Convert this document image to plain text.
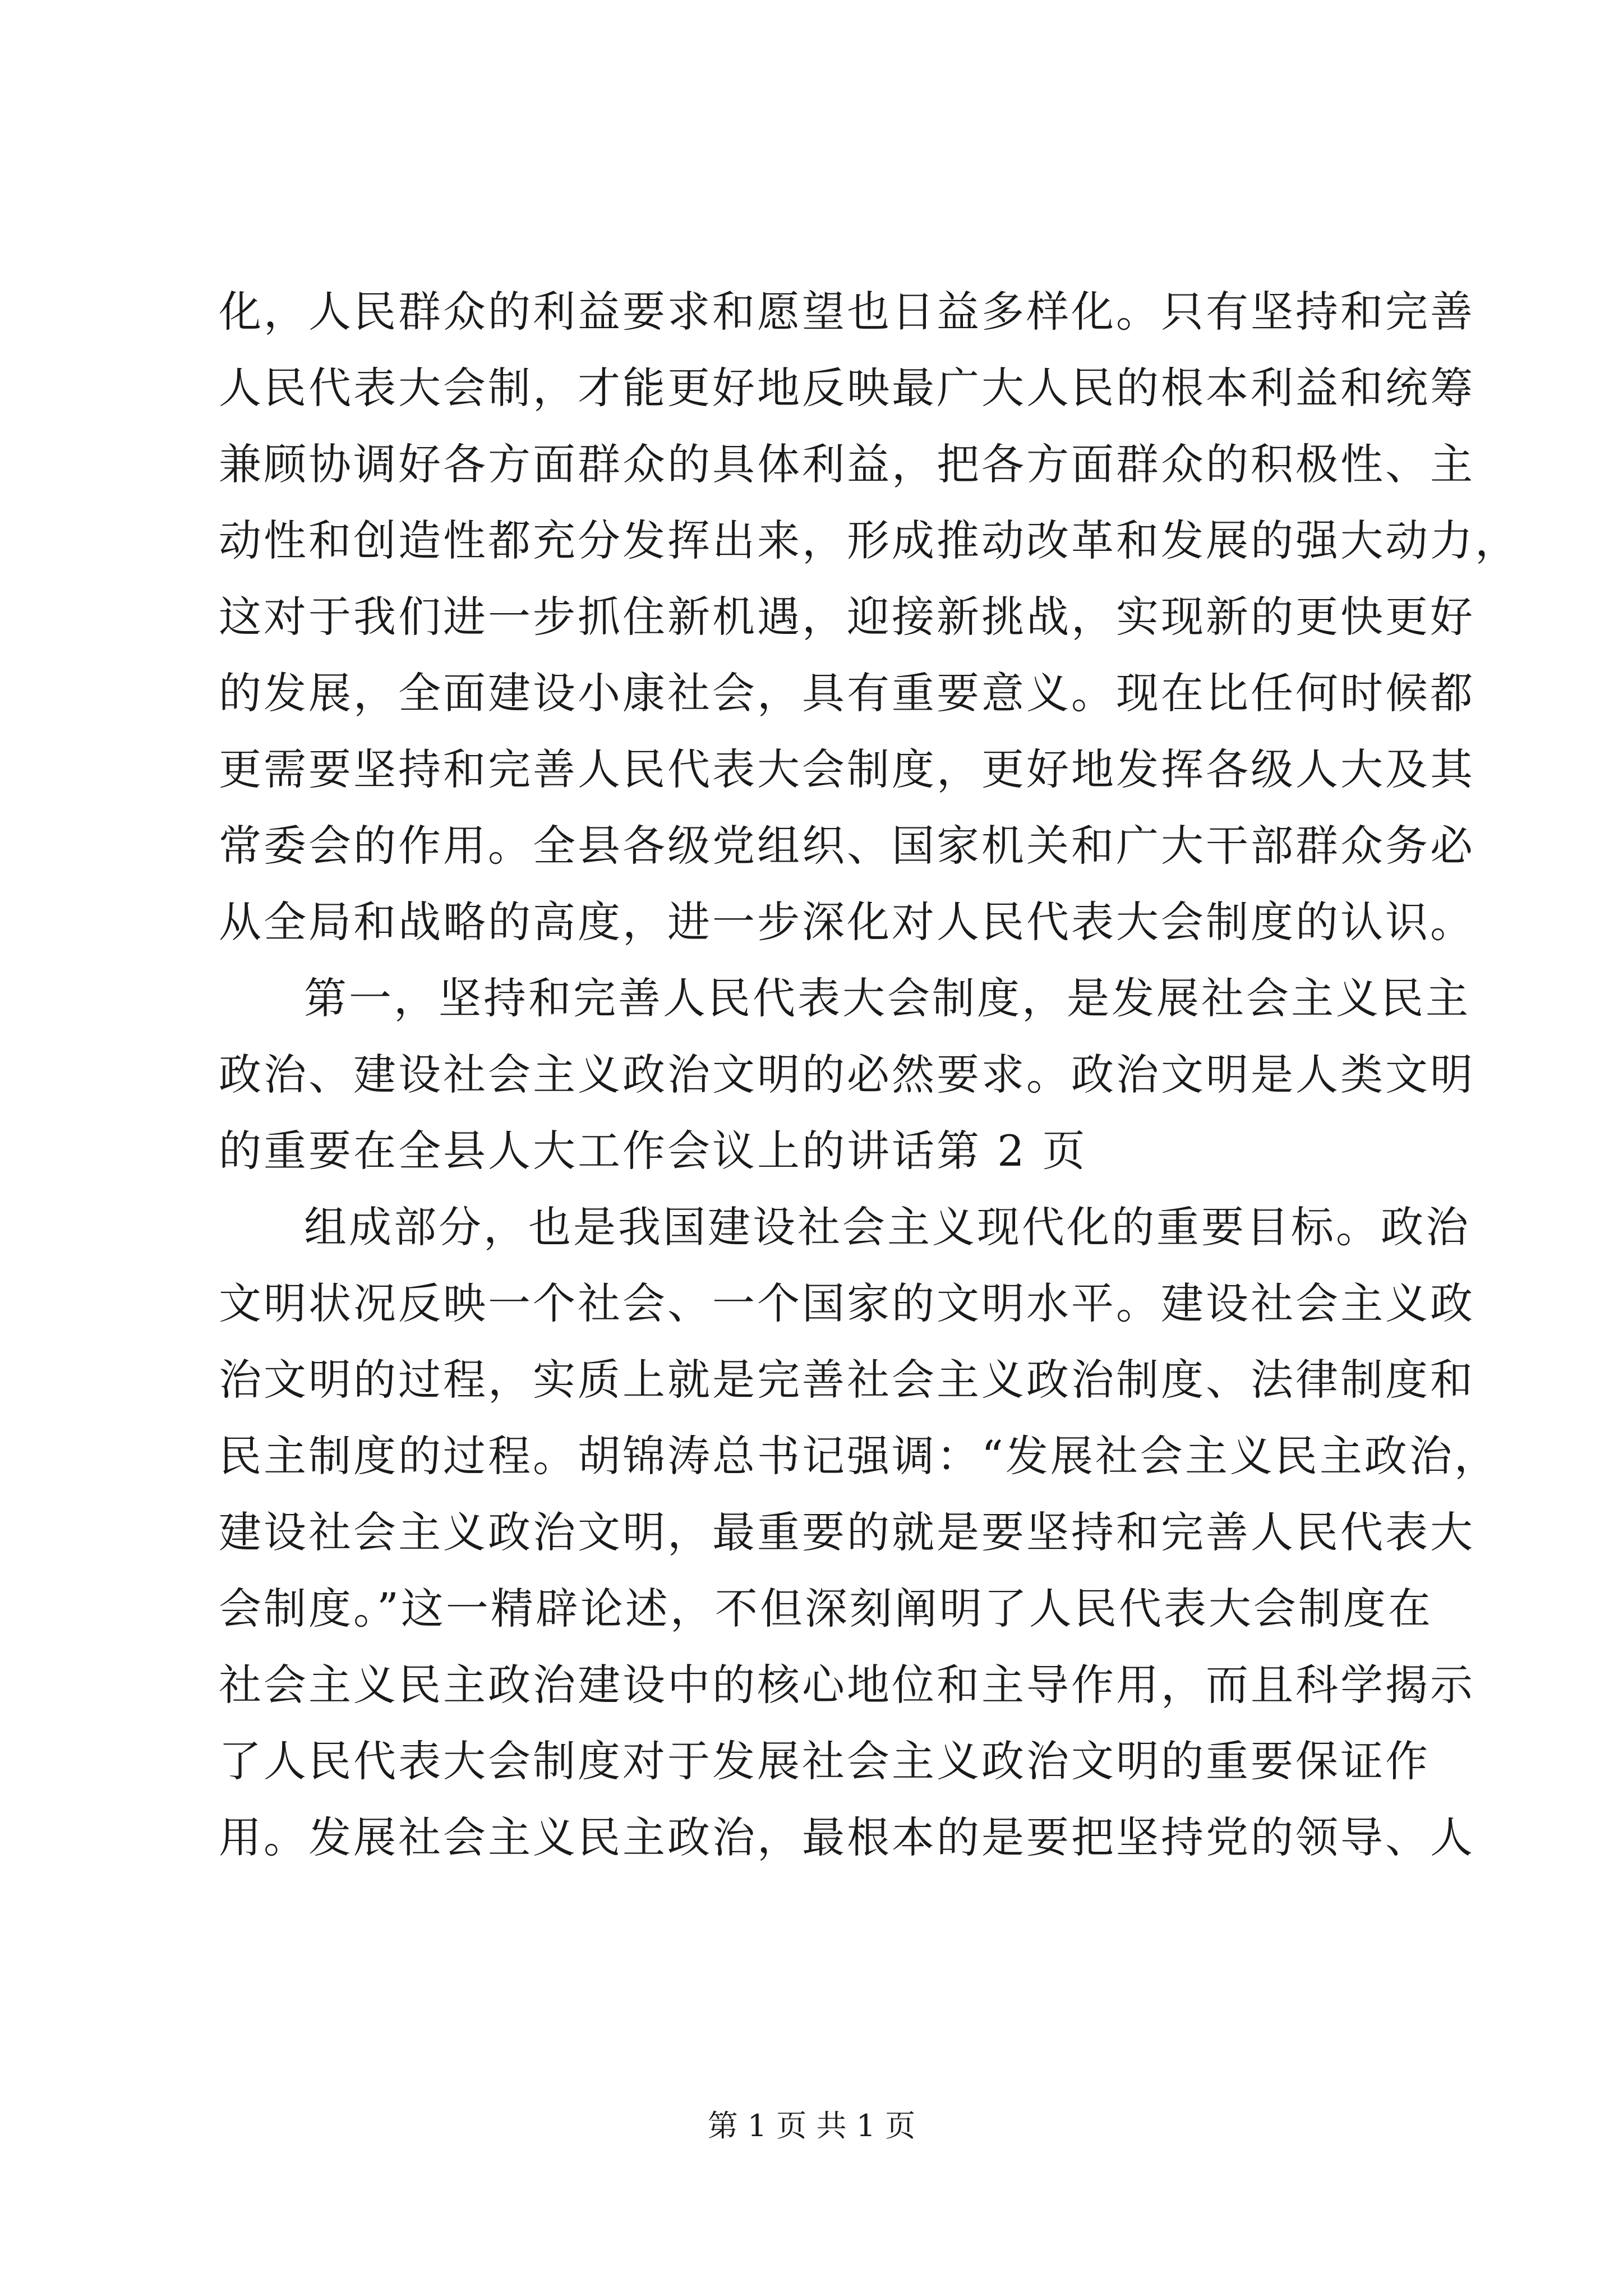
化，人民群众的利益要求和愿望也日益多样化。只有坚持和完善
人民代表大会制，才能更好地反映最广大人民的根本利益和统筹
兼顾协调好各方面群众的具体利益，把各方面群众的积极性、主
动性和创造性都充分发挥出来，形成推动改革和发展的强大动力，
这对于我们进一步抓住新机遇，迎接新挑战，实现新的更快更好
的发展，全面建设小康社会，具有重要意义。现在比任何时候都
更需要坚持和完善人民代表大会制度，更好地发挥各级人大及其
常委会的作用。全县各级党组织、国家机关和广大干部群众务必
从全局和战略的高度，进一步深化对人民代表大会制度的认识。
第一，坚持和完善人民代表大会制度，是发展社会主义民主
政治、建设社会主义政治文明的必然要求。政治文明是人类文明
的重要在全县人大工作会议上的讲话第 2 页
组成部分，也是我国建设社会主义现代化的重要目标。政治
文明状况反映一个社会、一个国家的文明水平。建设社会主义政
治文明的过程，实质上就是完善社会主义政治制度、法律制度和
民主制度的过程。胡锦涛总书记强调：“发展社会主义民主政治，
建设社会主义政治文明，最重要的就是要坚持和完善人民代表大
会制度。”这一精辟论述，不但深刻阐明了人民代表大会制度在
社会主义民主政治建设中的核心地位和主导作用，而且科学揭示
了人民代表大会制度对于发展社会主义政治文明的重要保证作
用。发展社会主义民主政治，最根本的是要把坚持党的领导、人
第 1 页 共 1 页
